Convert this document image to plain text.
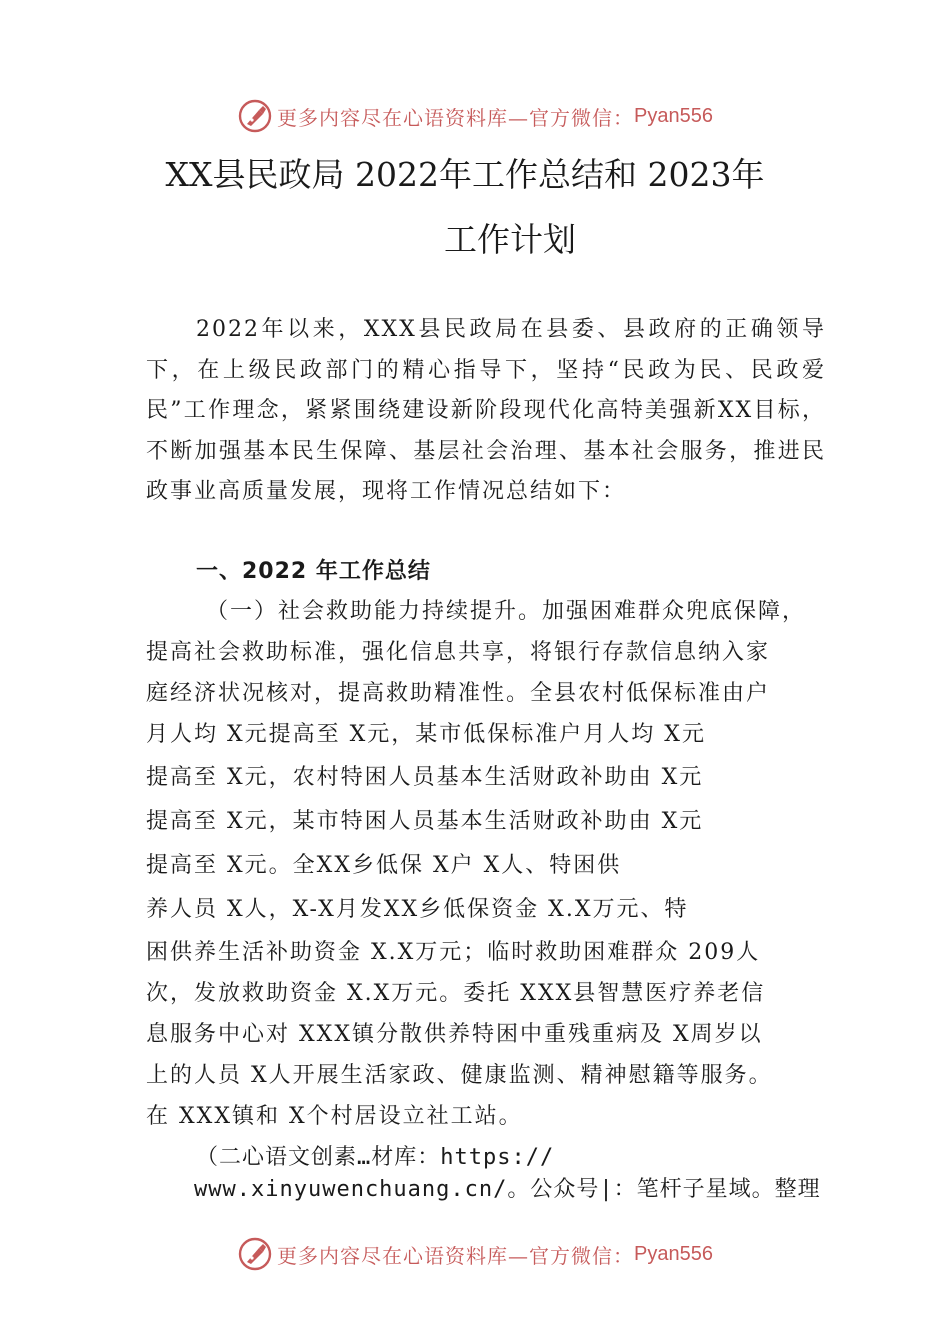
更多内容尽在心语资料库—官方微信： Pyan556
XX县民政局 2022年工作总结和 2023年
工作计划

2022年以来，XXX县民政局在县委、县政府的正确领导下，在上级民政部门的精心指导下，坚持“民政为民、民政爱民”工作理念，紧紧围绕建设新阶段现代化高特美强新XX目标，不断加强基本民生保障、基层社会治理、基本社会服务，推进民政事业高质量发展，现将工作情况总结如下：

一、2022 年工作总结

（一）社会救助能力持续提升。加强困难群众兜底保障，

提高社会救助标准，强化信息共享，将银行存款信息纳入家

庭经济状况核对，提高救助精准性。全县农村低保标准由户

月人均 X元提高至 X元，某市低保标准户月人均 X元

提高至 X元，农村特困人员基本生活财政补助由 X元

提高至 X元，某市特困人员基本生活财政补助由 X元

提高至 X元。全XX乡低保 X户 X人、特困供

养人员 X人，X-X月发XX乡低保资金 X.X万元、特

困供养生活补助资金 X.X万元；临时救助困难群众 209人

次，发放救助资金 X.X万元。委托 XXX县智慧医疗养老信

息服务中心对 XXX镇分散供养特困中重残重病及 X周岁以

上的人员 X人开展生活家政、健康监测、精神慰籍等服务。

在 XXX镇和 X个村居设立社工站。

（二心语文创素…材库：https://
www.xinyuwenchuang.cn/。公众号|：笔杆子星域。整理
更多内容尽在心语资料库—官方微信： Pyan556
